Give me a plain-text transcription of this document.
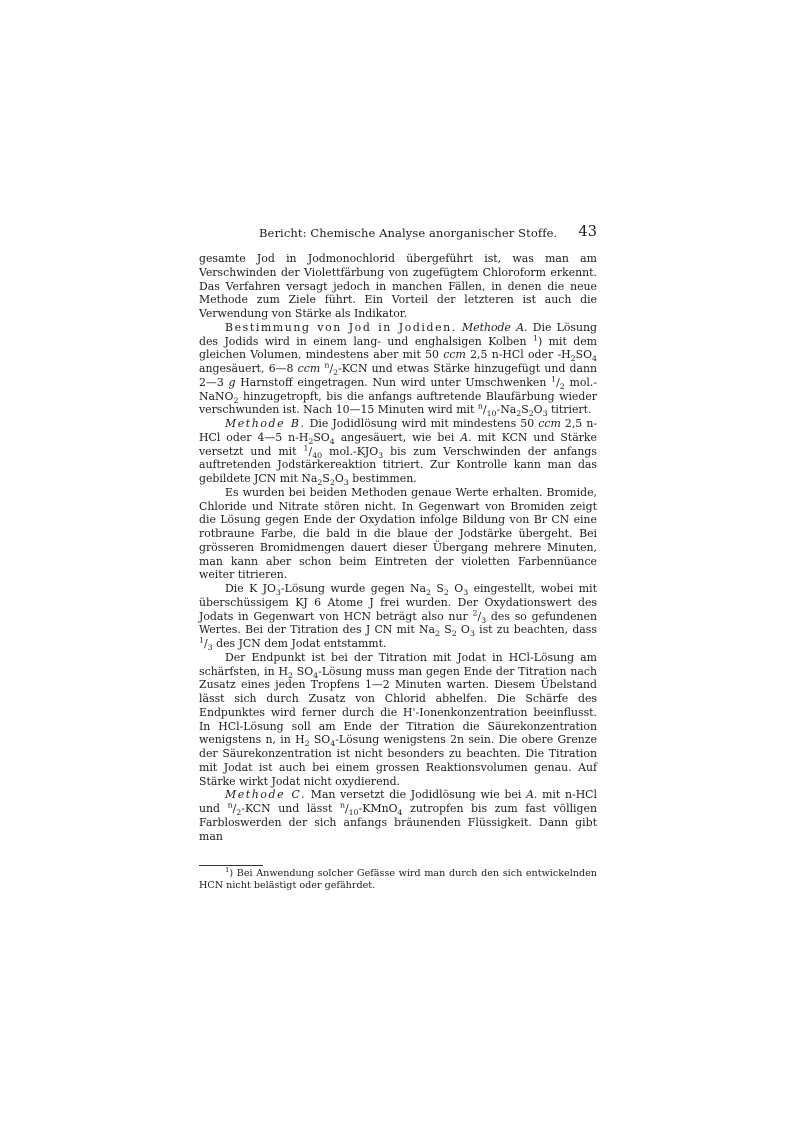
Bericht: Chemische Analyse anorganischer Stoffe. 43

gesamte Jod in Jodmonochlorid übergeführt ist, was man am Verschwinden der Violettfärbung von zugefügtem Chloroform erkennt. Das Verfahren versagt jedoch in manchen Fällen, in denen die neue Methode zum Ziele führt. Ein Vorteil der letzteren ist auch die Verwendung von Stärke als Indikator.

Bestimmung von Jod in Jodiden. Methode A. Die Lösung des Jodids wird in einem lang- und enghalsigen Kolben $^1$) mit dem gleichen Volumen, mindestens aber mit 50 ccm 2,5 n-HCl oder $-H_2SO_4$ angesäuert, 6—8 ccm $^n/_2$-KCN und etwas Stärke hinzugefügt und dann 2—3 g Harnstoff eingetragen. Nun wird unter Umschwenken $^1/_2$ mol.-NaNO$_2$ hinzugetropft, bis die anfangs auftretende Blaufärbung wieder verschwunden ist. Nach 10—15 Minuten wird mit $^n/_{10}-Na_2S_2O_3$ titriert.

Methode B. Die Jodidlösung wird mit mindestens 50 ccm 2,5 n-HCl oder 4—5 $n-H_2SO_4$ angesäuert, wie bei A. mit KCN und Stärke versetzt und mit $^1/_{40}$ $mol.-KJO_3$ bis zum Verschwinden der anfangs auftretenden Jodstärkereaktion titriert. Zur Kontrolle kann man das gebildete JCN mit $Na_2S_2O_3$ bestimmen.

Es wurden bei beiden Methoden genaue Werte erhalten. Bromide, Chloride und Nitrate stören nicht. In Gegenwart von Bromiden zeigt die Lösung gegen Ende der Oxydation infolge Bildung von Br CN eine rotbraune Farbe, die bald in die blaue der Jodstärke übergeht. Bei grösseren Bromidmengen dauert dieser Übergang mehrere Minuten, man kann aber schon beim Eintreten der violetten Farbennüance weiter titrieren.

Die K $JO_3$-Lösung wurde gegen $Na_2$ $S_2$ $O_3$ eingestellt, wobei mit überschüssigem KJ 6 Atome J frei wurden. Der Oxydationswert des Jodats in Gegenwart von HCN beträgt also nur $^2/_3$ des so gefundenen Wertes. Bei der Titration des J CN mit $Na_2$ $S_2$ $O_3$ ist zu beachten, dass $^1/_3$ des JCN dem Jodat entstammt.

Der Endpunkt ist bei der Titration mit Jodat in HCl-Lösung am schärfsten, in $H_2$ $SO_4$-Lösung muss man gegen Ende der Titration nach Zusatz eines jeden Tropfens 1—2 Minuten warten. Diesem Übelstand lässt sich durch Zusatz von Chlorid abhelfen. Die Schärfe des Endpunktes wird ferner durch die H'-Ionenkonzentration beeinflusst. In HCl-Lösung soll am Ende der Titration die Säurekonzentration wenigstens n, in $H_2$ $SO_4$-Lösung wenigstens 2n sein. Die obere Grenze der Säurekonzentration ist nicht besonders zu beachten. Die Titration mit Jodat ist auch bei einem grossen Reaktionsvolumen genau. Auf Stärke wirkt Jodat nicht oxydierend.

Methode C. Man versetzt die Jodidlösung wie bei A. mit n-HCl und $^n/_2$-KCN und lässt $^n/_{10}-KMnO_4$ zutropfen bis zum fast völligen Farbloswerden der sich anfangs bräunenden Flüssigkeit. Dann gibt man

$^1$) Bei Anwendung solcher Gefässe wird man durch den sich entwickelnden HCN nicht belästigt oder gefährdet.
